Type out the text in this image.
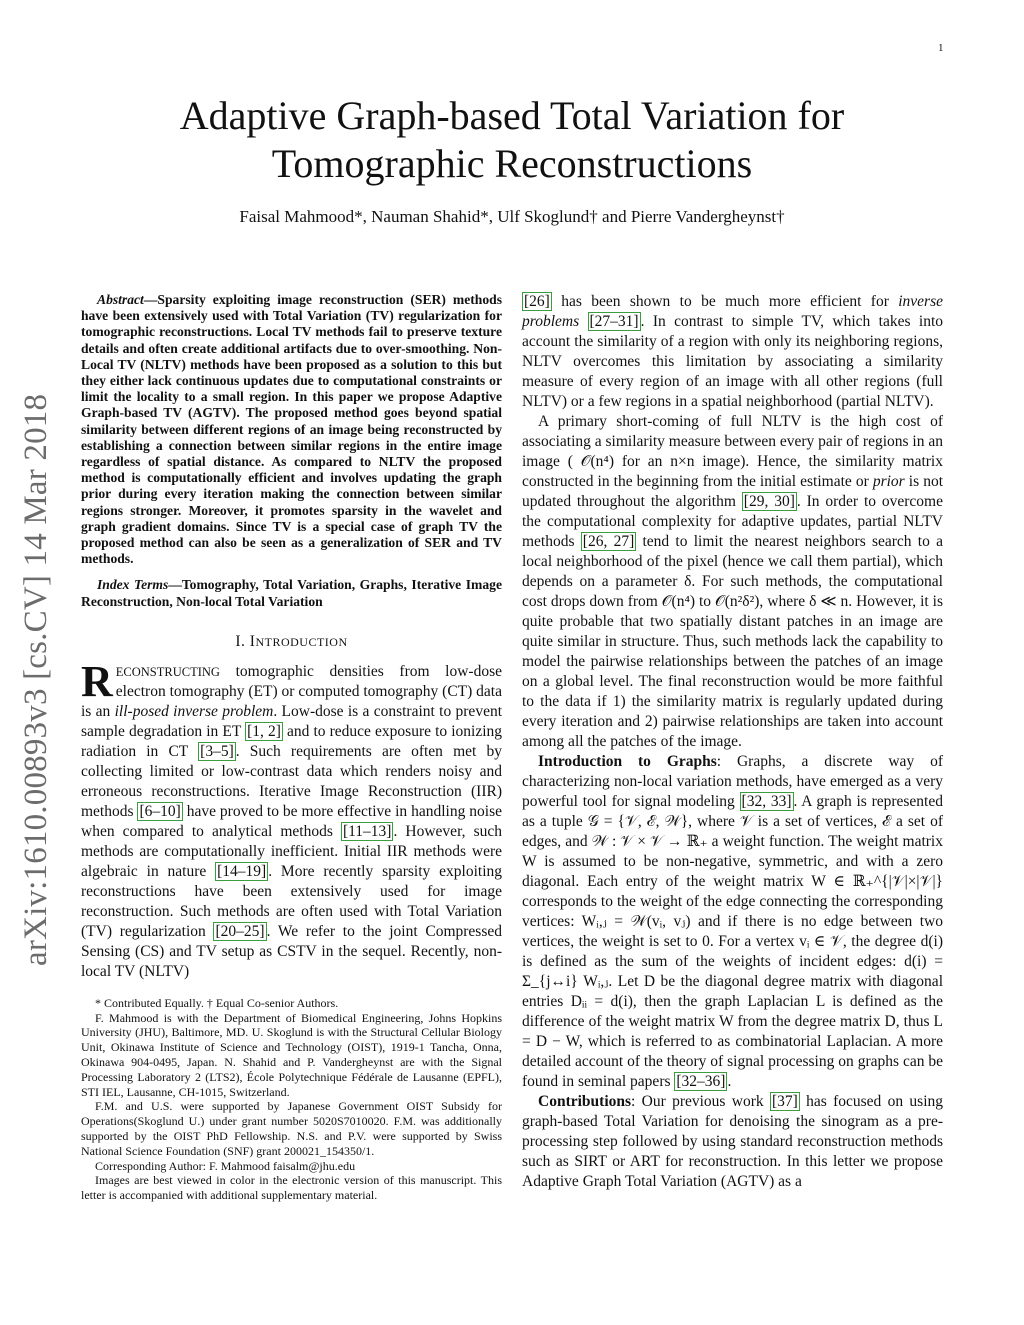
1
arXiv:1610.00893v3 [cs.CV] 14 Mar 2018
Adaptive Graph-based Total Variation for
Tomographic Reconstructions
Faisal Mahmood*, Nauman Shahid*, Ulf Skoglund† and Pierre Vandergheynst†

Abstract—Sparsity exploiting image reconstruction (SER) methods have been extensively used with Total Variation (TV) regularization for tomographic reconstructions. Local TV methods fail to preserve texture details and often create additional artifacts due to over-smoothing. Non-Local TV (NLTV) methods have been proposed as a solution to this but they either lack continuous updates due to computational constraints or limit the locality to a small region. In this paper we propose Adaptive Graph-based TV (AGTV). The proposed method goes beyond spatial similarity between different regions of an image being reconstructed by establishing a connection between similar regions in the entire image regardless of spatial distance. As compared to NLTV the proposed method is computationally efficient and involves updating the graph prior during every iteration making the connection between similar regions stronger. Moreover, it promotes sparsity in the wavelet and graph gradient domains. Since TV is a special case of graph TV the proposed method can also be seen as a generalization of SER and TV methods.

Index Terms—Tomography, Total Variation, Graphs, Iterative Image Reconstruction, Non-local Total Variation

I. INTRODUCTION

RECONSTRUCTING tomographic densities from low-dose electron tomography (ET) or computed tomography (CT) data is an ill-posed inverse problem. Low-dose is a constraint to prevent sample degradation in ET [1, 2] and to reduce exposure to ionizing radiation in CT [3–5] . Such requirements are often met by collecting limited or low-contrast data which renders noisy and erroneous reconstructions. Iterative Image Reconstruction (IIR) methods [6–10] have proved to be more effective in handling noise when compared to analytical methods [11–13] . However, such methods are computationally inefficient. Initial IIR methods were algebraic in nature [14–19] . More recently sparsity exploiting reconstructions have been extensively used for image reconstruction. Such methods are often used with Total Variation (TV) regularization [20–25] . We refer to the joint Compressed Sensing (CS) and TV setup as CSTV in the sequel. Recently, non-local TV (NLTV)

* Contributed Equally. † Equal Co-senior Authors.

F. Mahmood is with the Department of Biomedical Engineering, Johns Hopkins University (JHU), Baltimore, MD. U. Skoglund is with the Structural Cellular Biology Unit, Okinawa Institute of Science and Technology (OIST), 1919-1 Tancha, Onna, Okinawa 904-0495, Japan. N. Shahid and P. Vandergheynst are with the Signal Processing Laboratory 2 (LTS2), École Polytechnique Fédérale de Lausanne (EPFL), STI IEL, Lausanne, CH-1015, Switzerland.

F.M. and U.S. were supported by Japanese Government OIST Subsidy for Operations(Skoglund U.) under grant number 5020S7010020. F.M. was additionally supported by the OIST PhD Fellowship. N.S. and P.V. were supported by Swiss National Science Foundation (SNF) grant 200021_154350/1.

Corresponding Author: F. Mahmood faisalm@jhu.edu

Images are best viewed in color in the electronic version of this manuscript. This letter is accompanied with additional supplementary material.

[26] has been shown to be much more efficient for inverse problems [27–31] . In contrast to simple TV, which takes into account the similarity of a region with only its neighboring regions, NLTV overcomes this limitation by associating a similarity measure of every region of an image with all other regions (full NLTV) or a few regions in a spatial neighborhood (partial NLTV).

A primary short-coming of full NLTV is the high cost of associating a similarity measure between every pair of regions in an image ( 𝒪(n⁴) for an n×n image). Hence, the similarity matrix constructed in the beginning from the initial estimate or prior is not updated throughout the algorithm [29, 30] . In order to overcome the computational complexity for adaptive updates, partial NLTV methods [26, 27] tend to limit the nearest neighbors search to a local neighborhood of the pixel (hence we call them partial), which depends on a parameter δ. For such methods, the computational cost drops down from 𝒪(n⁴) to 𝒪(n²δ²), where δ ≪ n. However, it is quite probable that two spatially distant patches in an image are quite similar in structure. Thus, such methods lack the capability to model the pairwise relationships between the patches of an image on a global level. The final reconstruction would be more faithful to the data if 1) the similarity matrix is regularly updated during every iteration and 2) pairwise relationships are taken into account among all the patches of the image.

Introduction to Graphs: Graphs, a discrete way of characterizing non-local variation methods, have emerged as a very powerful tool for signal modeling [32, 33] . A graph is represented as a tuple 𝒢 = {𝒱, ℰ, 𝒲}, where 𝒱 is a set of vertices, ℰ a set of edges, and 𝒲 : 𝒱 × 𝒱 → ℝ₊ a weight function. The weight matrix W is assumed to be non-negative, symmetric, and with a zero diagonal. Each entry of the weight matrix W ∈ ℝ₊^{|𝒱|×|𝒱|} corresponds to the weight of the edge connecting the corresponding vertices: Wᵢ,ⱼ = 𝒲(vᵢ, vⱼ) and if there is no edge between two vertices, the weight is set to 0. For a vertex vᵢ ∈ 𝒱, the degree d(i) is defined as the sum of the weights of incident edges: d(i) = Σ_{j↔i} Wᵢ,ⱼ. Let D be the diagonal degree matrix with diagonal entries Dᵢᵢ = d(i), then the graph Laplacian L is defined as the difference of the weight matrix W from the degree matrix D, thus L = D − W, which is referred to as combinatorial Laplacian. A more detailed account of the theory of signal processing on graphs can be found in seminal papers [32–36] .

Contributions: Our previous work [37] has focused on using graph-based Total Variation for denoising the sinogram as a pre-processing step followed by using standard reconstruction methods such as SIRT or ART for reconstruction. In this letter we propose Adaptive Graph Total Variation (AGTV) as a
